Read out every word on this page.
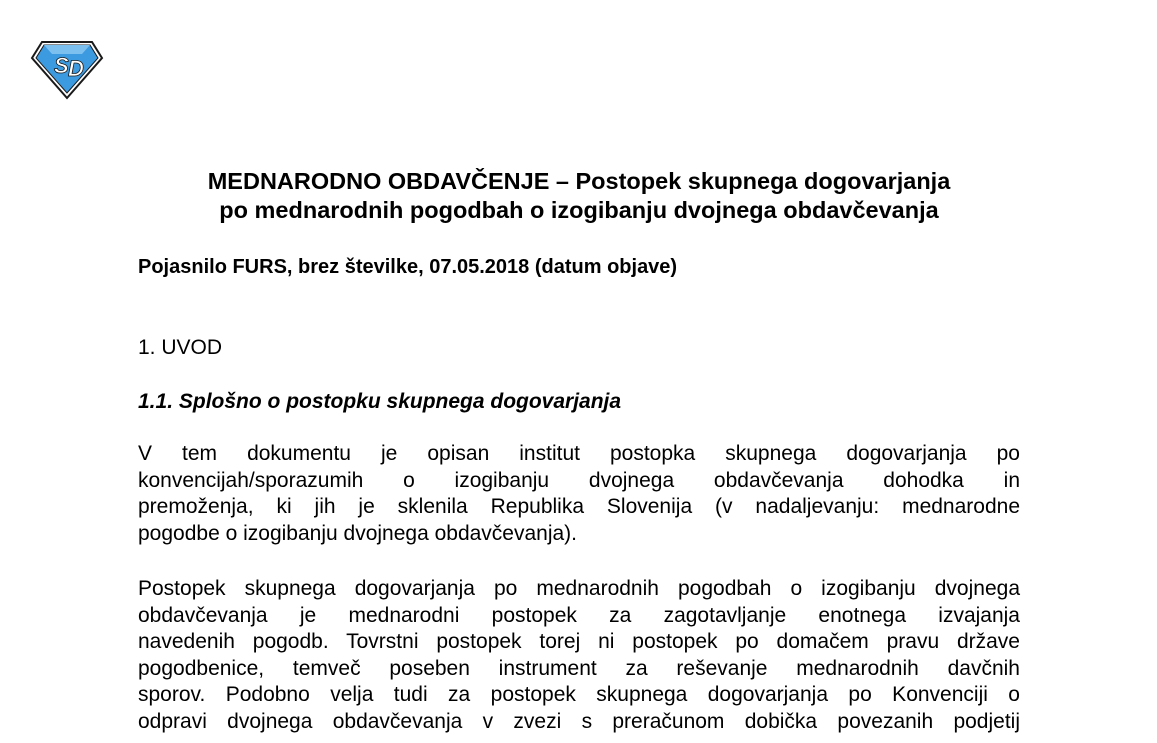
S D
MEDNARODNO OBDAVČENJE – Postopek skupnega dogovarjanja
po mednarodnih pogodbah o izogibanju dvojnega obdavčevanja

Pojasnilo FURS, brez številke, 07.05.2018 (datum objave)

1. UVOD

1.1. Splošno o postopku skupnega dogovarjanja

V tem dokumentu je opisan institut postopka skupnega dogovarjanja po
konvencijah/sporazumih o izogibanju dvojnega obdavčevanja dohodka in
premoženja, ki jih je sklenila Republika Slovenija (v nadaljevanju: mednarodne
pogodbe o izogibanju dvojnega obdavčevanja).
Postopek skupnega dogovarjanja po mednarodnih pogodbah o izogibanju dvojnega
obdavčevanja je mednarodni postopek za zagotavljanje enotnega izvajanja
navedenih pogodb. Tovrstni postopek torej ni postopek po domačem pravu države
pogodbenice, temveč poseben instrument za reševanje mednarodnih davčnih
sporov. Podobno velja tudi za postopek skupnega dogovarjanja po Konvenciji o
odpravi dvojnega obdavčevanja v zvezi s preračunom dobička povezanih podjetij
